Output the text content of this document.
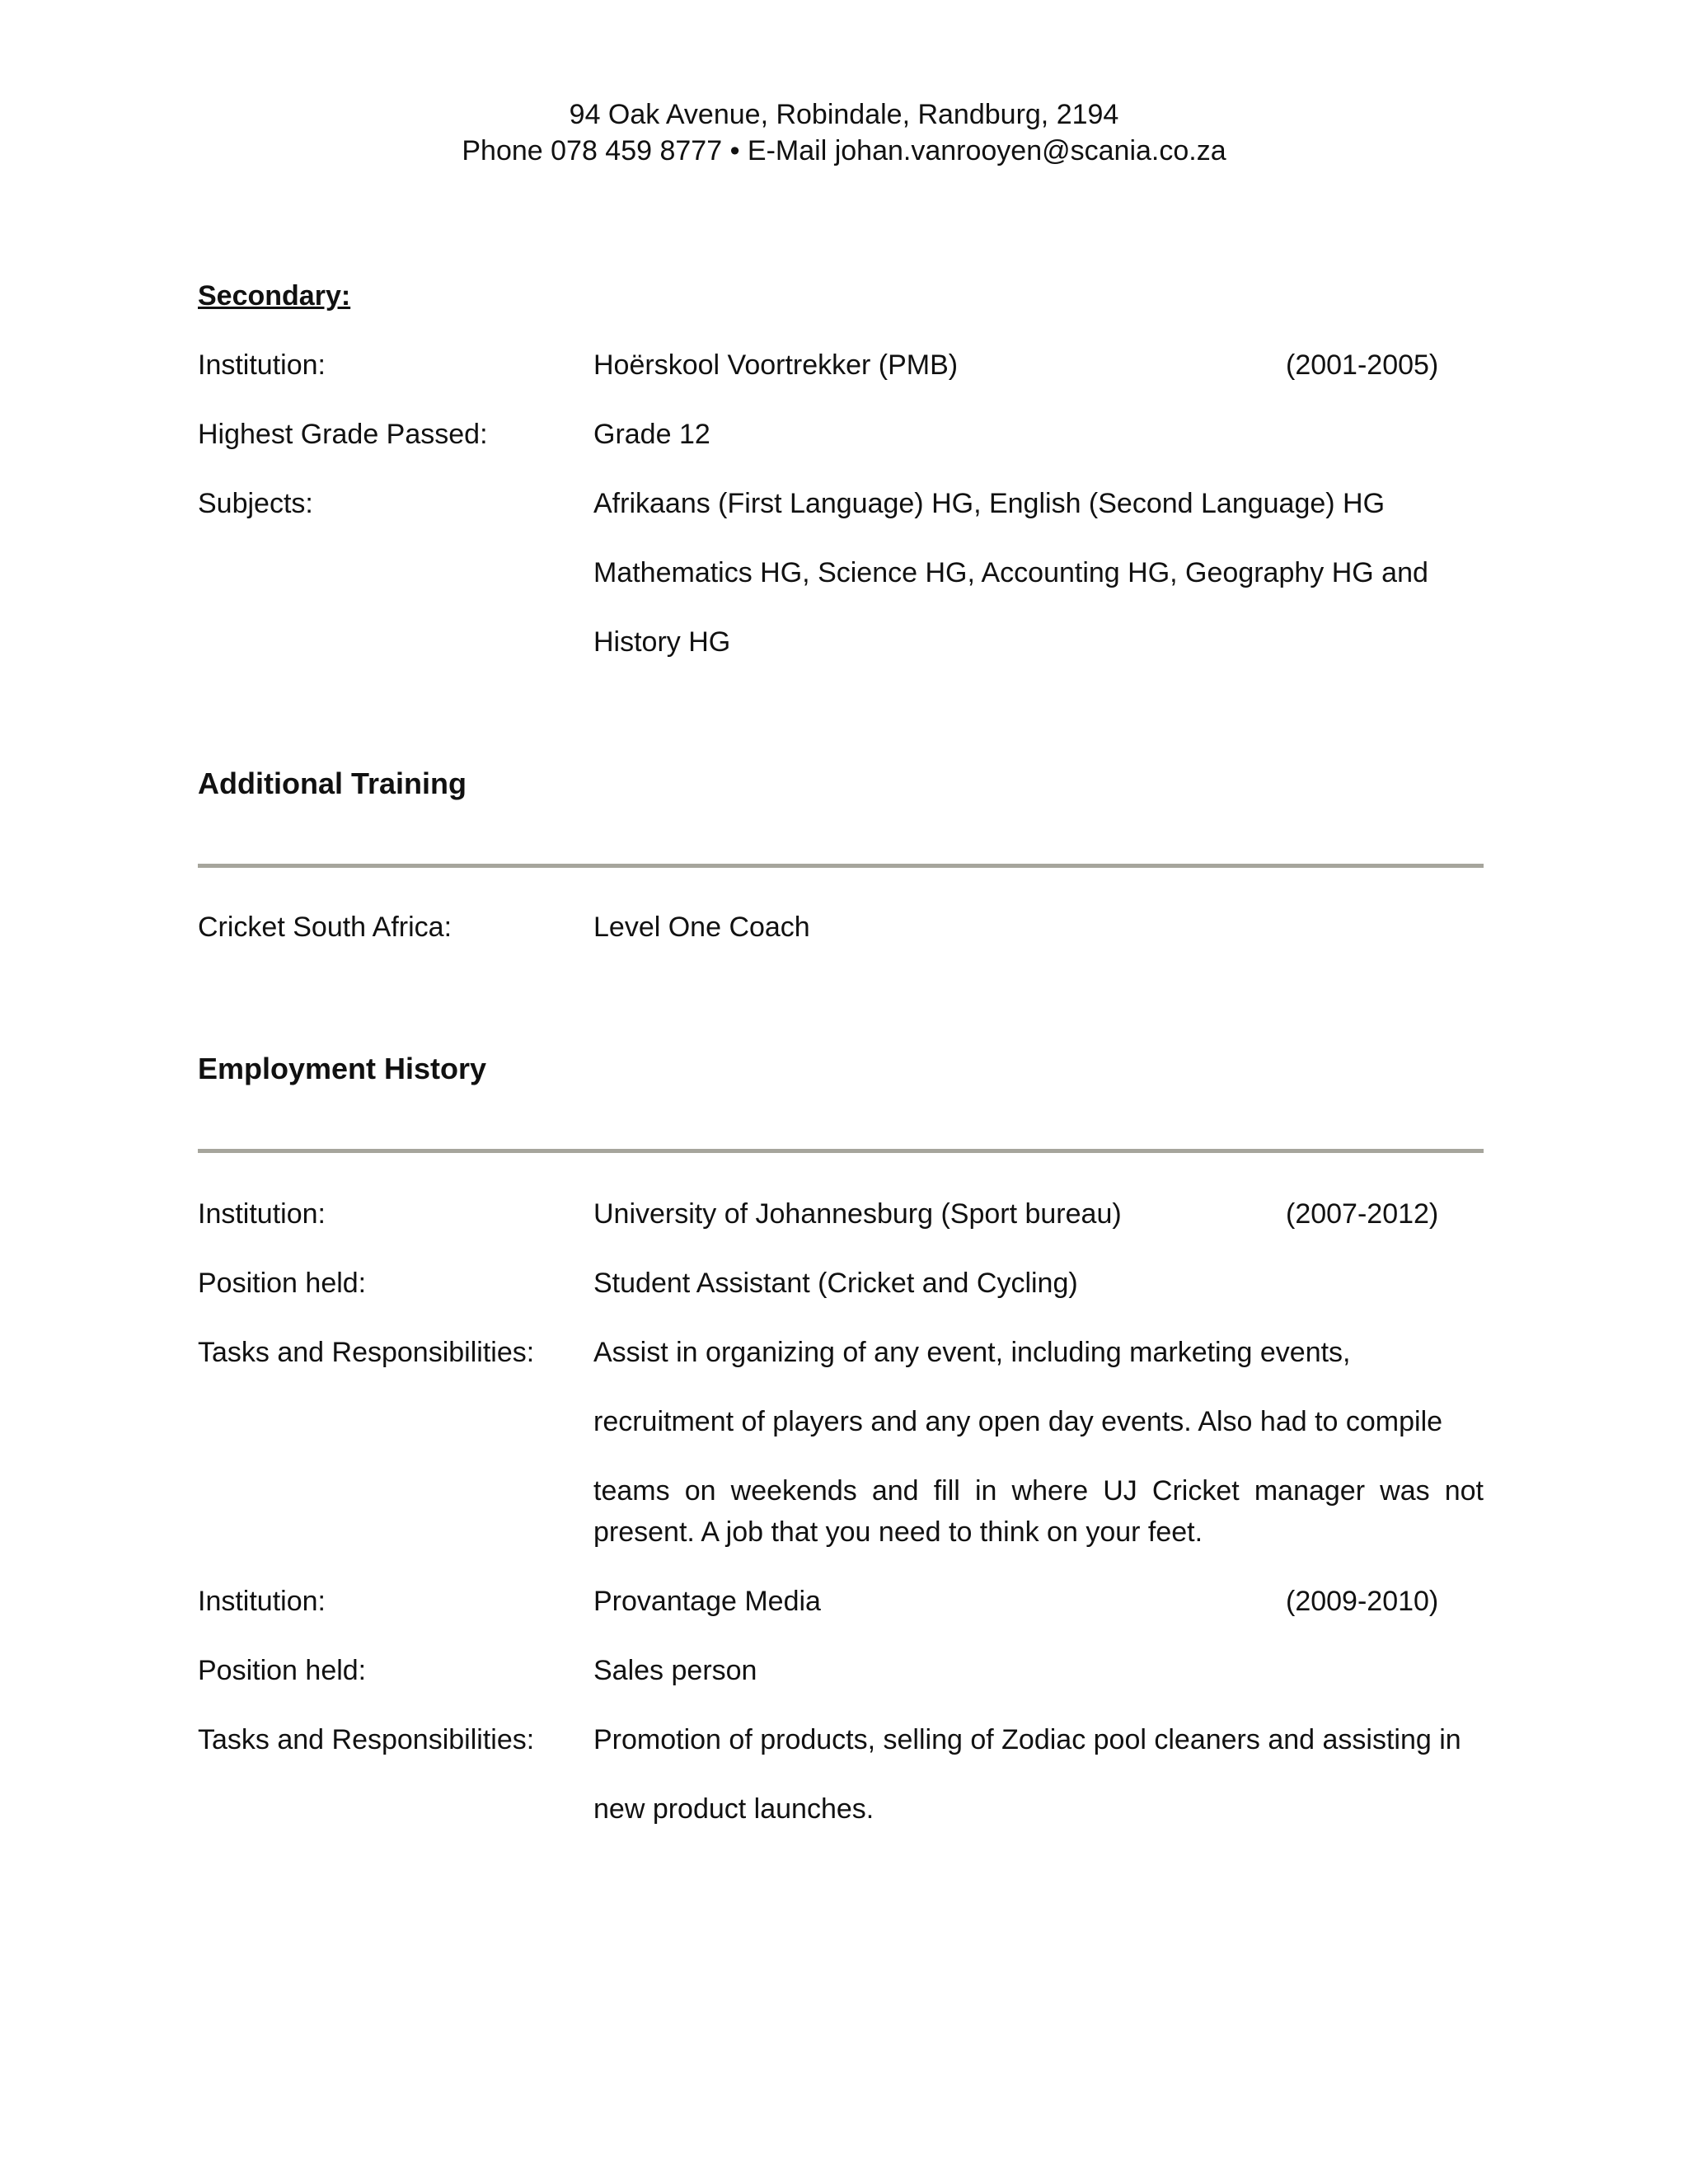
94 Oak Avenue, Robindale, Randburg, 2194
Phone 078 459 8777 • E-Mail johan.vanrooyen@scania.co.za
Secondary:
Institution:	Hoërskool Voortrekker (PMB)	(2001-2005)
Highest Grade Passed:	Grade 12
Subjects:	Afrikaans (First Language) HG, English (Second Language) HG
Mathematics HG, Science HG, Accounting HG, Geography HG and
History HG
Additional Training
Cricket South Africa:	Level One Coach
Employment History
Institution:	University of Johannesburg (Sport bureau)	(2007-2012)
Position held:	Student Assistant (Cricket and Cycling)
Tasks and Responsibilities: Assist in organizing of any event, including marketing events,
recruitment of players and any open day events. Also had to compile
teams on weekends and fill in where UJ Cricket manager was not
present. A job that you need to think on your feet.
Institution:	Provantage Media	(2009-2010)
Position held:	Sales person
Tasks and Responsibilities: Promotion of products, selling of Zodiac pool cleaners and assisting in
new product launches.
